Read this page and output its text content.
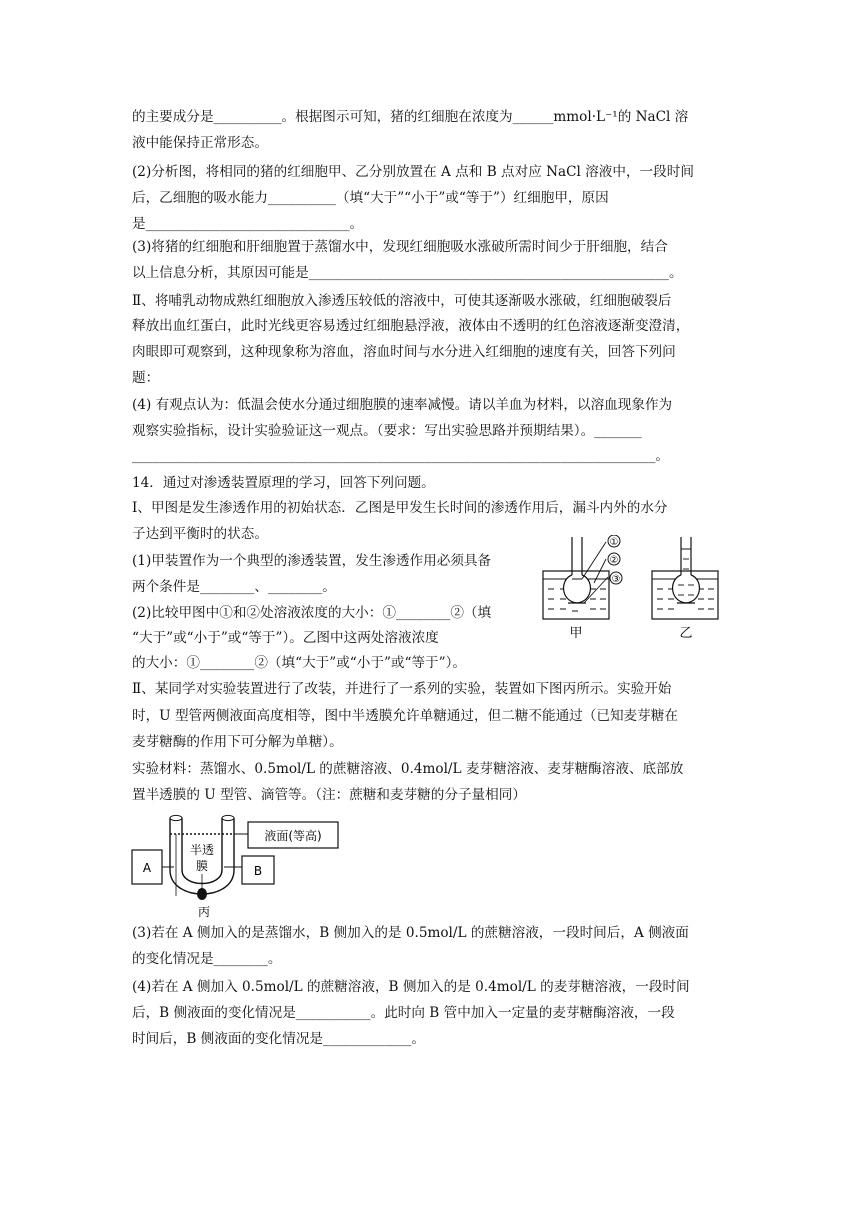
的主要成分是__________。根据图示可知，猪的红细胞在浓度为______mmol·L⁻¹的 NaCl 溶
液中能保持正常形态。
(2)分析图，将相同的猪的红细胞甲、乙分别放置在 A 点和 B 点对应 NaCl 溶液中，一段时间
后，乙细胞的吸水能力__________（填“大于”“小于”或“等于”）红细胞甲，原因
是______________________________。
(3)将猪的红细胞和肝细胞置于蒸馏水中，发现红细胞吸水涨破所需时间少于肝细胞，结合
以上信息分析，其原因可能是_____________________________________________________。
Ⅱ、将哺乳动物成熟红细胞放入渗透压较低的溶液中，可使其逐渐吸水涨破，红细胞破裂后
释放出血红蛋白，此时光线更容易透过红细胞悬浮液，液体由不透明的红色溶液逐渐变澄清，
肉眼即可观察到，这种现象称为溶血，溶血时间与水分进入红细胞的速度有关，回答下列问
题：
(4) 有观点认为：低温会使水分通过细胞膜的速率减慢。请以羊血为材料，以溶血现象作为
观察实验指标，设计实验验证这一观点。（要求：写出实验思路并预期结果）。_______
_____________________________________________________________________________。
14．通过对渗透装置原理的学习，回答下列问题。
Ⅰ、甲图是发生渗透作用的初始状态．乙图是甲发生长时间的渗透作用后，漏斗内外的水分
子达到平衡时的状态。
(1)甲装置作为一个典型的渗透装置，发生渗透作用必须具备
两个条件是________、________。
(2)比较甲图中①和②处溶液浓度的大小：①________②（填
“大于”或“小于”或“等于”）。乙图中这两处溶液浓度
的大小：①________②（填“大于”或“小于”或“等于”）。
Ⅱ、某同学对实验装置进行了改装，并进行了一系列的实验，装置如下图丙所示。实验开始
时，U 型管两侧液面高度相等，图中半透膜允许单糖通过，但二糖不能通过（已知麦芽糖在
麦芽糖酶的作用下可分解为单糖）。
实验材料：蒸馏水、0.5mol/L 的蔗糖溶液、0.4mol/L 麦芽糖溶液、麦芽糖酶溶液、底部放
置半透膜的 U 型管、滴管等。（注：蔗糖和麦芽糖的分子量相同）
(3)若在 A 侧加入的是蒸馏水，B 侧加入的是 0.5mol/L 的蔗糖溶液，一段时间后，A 侧液面
的变化情况是________。
(4)若在 A 侧加入 0.5mol/L 的蔗糖溶液，B 侧加入的是 0.4mol/L 的麦芽糖溶液，一段时间
后，B 侧液面的变化情况是___________。此时向 B 管中加入一定量的麦芽糖酶溶液，一段
时间后，B 侧液面的变化情况是_____________。
①
②
③
甲	乙
A	B
半透
膜
液面(等高)
丙
